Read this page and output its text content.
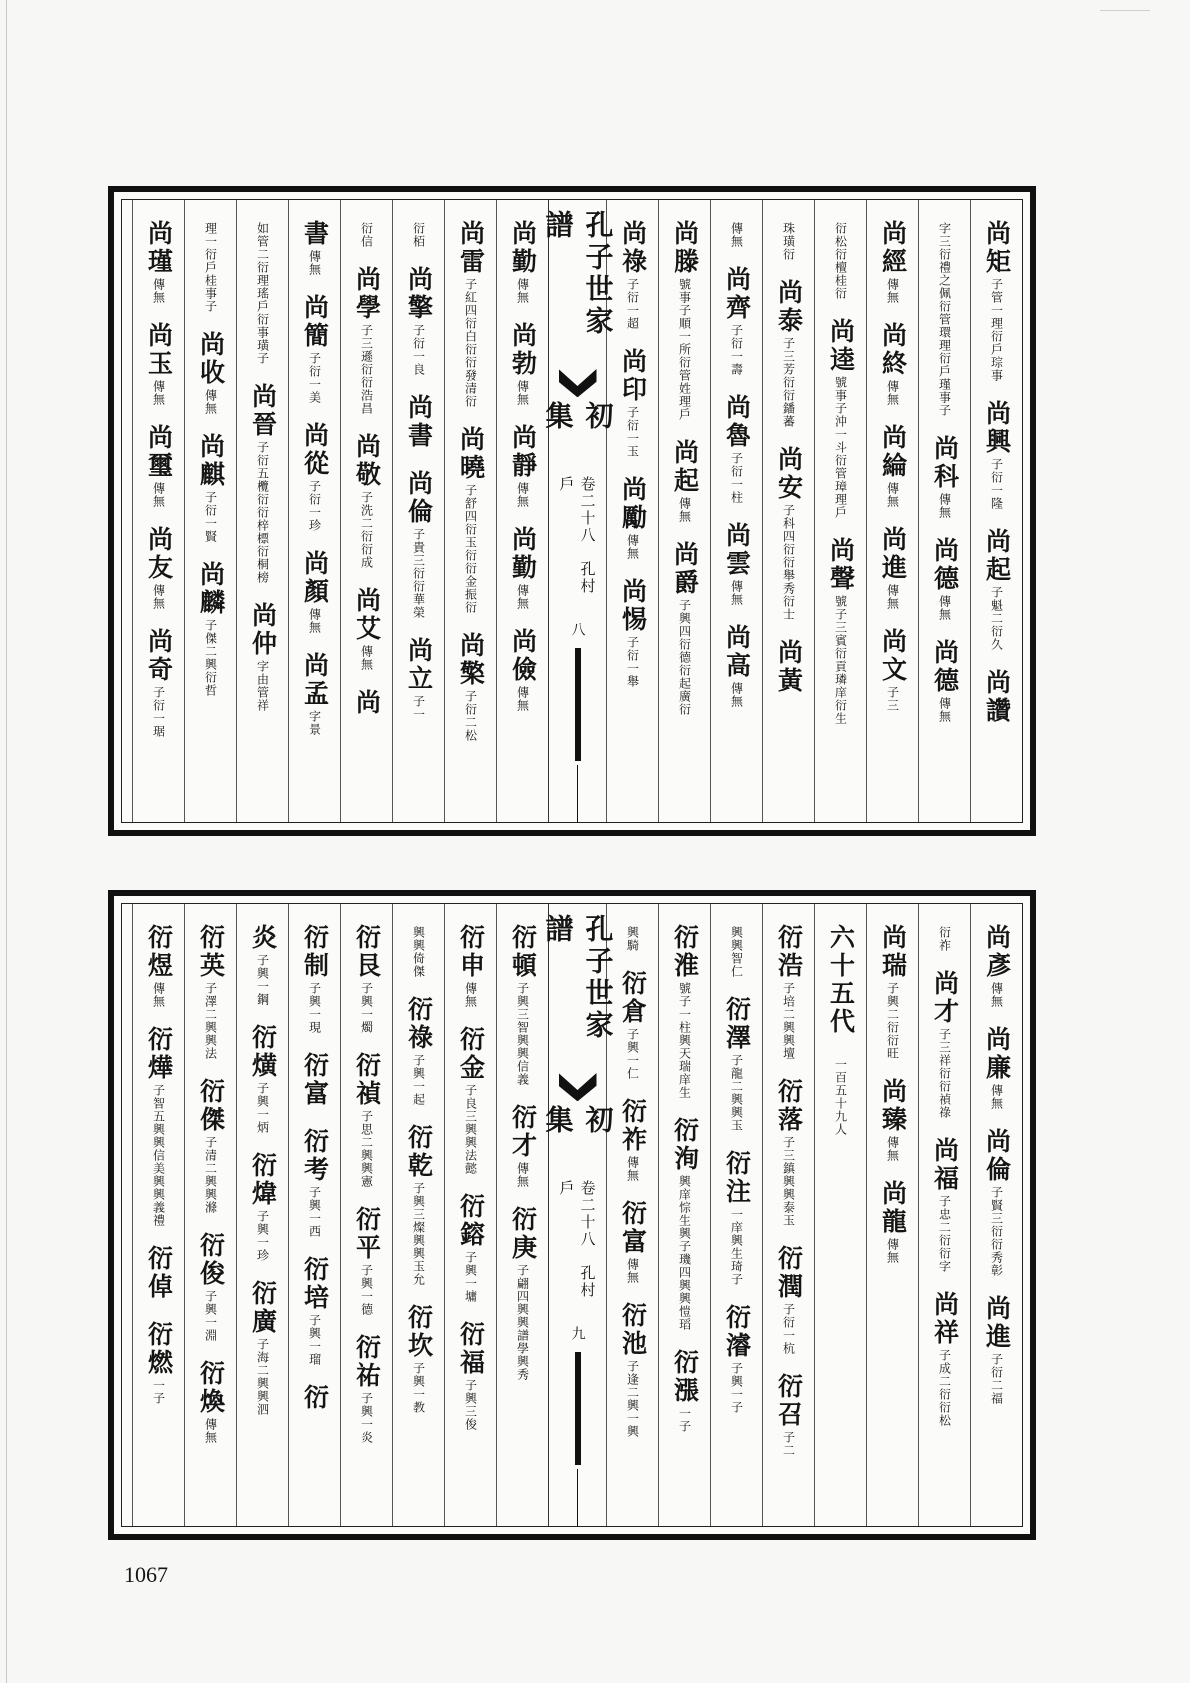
尚矩
子管一理衍戶琮事
尚興
子衍一隆
尚起
子魁二衍久
尚讚
字三衍禮之佩衍管環理衍戶瑾事子
尚科
傳無
尚德
傳無
尚德
傳無
尚經
傳無
尚終
傳無
尚綸
傳無
尚進
傳無
尚文
子三
衍松衍檀桂衍
尚逵
號事子沖一斗衍管璋理戶
尚聲
號子三賓衍貢璘庠衍生
珠璜衍
尚泰
子三芳衍衍鐇蕃
尚安
子科四衍衍舉秀衍士
尚黃
傳無
尚齊
子衍一壽
尚魯
子衍一柱
尚雲
傳無
尚高
傳無
尚滕
號事子順一所衍管姓理戶
尚起
傳無
尚爵
子興四衍德衍起廣衍
尚祿
子衍一超
尚印
子衍一玉
尚勵
傳無
尚惕
子衍一舉
孔子世家譜
初集
卷二十八　孔村戶
八
尚勤
傳無
尚勃
傳無
尚靜
傳無
尚勤
傳無
尚儉
傳無
尚雷
子紅四衍白衍衍發清衍
尚曉
子舒四衍玉衍衍金振衍
尚檠
子衍二松
衍栢
尚擎
子衍一良
尚書
尚倫
子貴三衍衍華榮
尚立
子一
衍信
尚學
子三遜衍衍浩昌
尚敬
子洗二衍衍成
尚艾
傳無
尚
書
傳無
尚簡
子衍一美
尚從
子衍一珍
尚顏
傳無
尚孟
字景
如管二衍理瑤戶衍事璜子
尚晉
子衍五欖衍衍梓標衍桐榜
尚仲
字由管祥
理一衍戶桂事子
尚收
傳無
尚麒
子衍一賢
尚麟
子傑二興衍哲
尚瑾
傳無
尚玉
傳無
尚璽
傳無
尚友
傳無
尚奇
子衍一琚
尚彥
傳無
尚廉
傳無
尚倫
子賢三衍衍秀彰
尚進
子衍二福
衍祚
尚才
子三祥衍衍禎祿
尚福
子忠二衍衍字
尚祥
子成二衍衍松
尚瑞
子興二衍衍旺
尚臻
傳無
尚龍
傳無
六十五代
一百五十九人
衍浩
子培二興興壇
衍落
子三鎮興興泰玉
衍潤
子衍一杭
衍召
子二
興興智仁
衍澤
子龍二興興玉
衍注
一庠興生琦子
衍濬
子興一子
衍淮
號子一柱興天瑞庠生
衍洵
興庠悰生興子璣四興興愷瑫
衍漲
一子
興騎
衍倉
子興一仁
衍祚
傳無
衍富
傳無
衍池
子逢二興一興
孔子世家譜
初集
卷二十八　孔村戶
九
衍頓
子興三智興興信義
衍才
傳無
衍庚
子翩四興興譜學興秀
衍申
傳無
衍金
子良三興興法懿
衍鎔
子興一墉
衍福
子興三俊
興興倚傑
衍祿
子興一起
衍乾
子興三燦興興玉允
衍坎
子興一教
衍艮
子興一燭
衍禎
子思二興興憲
衍平
子興一德
衍祐
子興一炎
衍制
子興一現
衍富
衍考
子興一西
衍培
子興一瑠
衍
炎
子興一鋼
衍熿
子興一炳
衍煒
子興一珍
衍廣
子海二興興泗
衍英
子澤二興興法
衍傑
子清二興興滌
衍俊
子興一淵
衍煥
傳無
衍煜
傳無
衍燁
子智五興興信美興興義禮
衍倬
衍燃
一子
1067
